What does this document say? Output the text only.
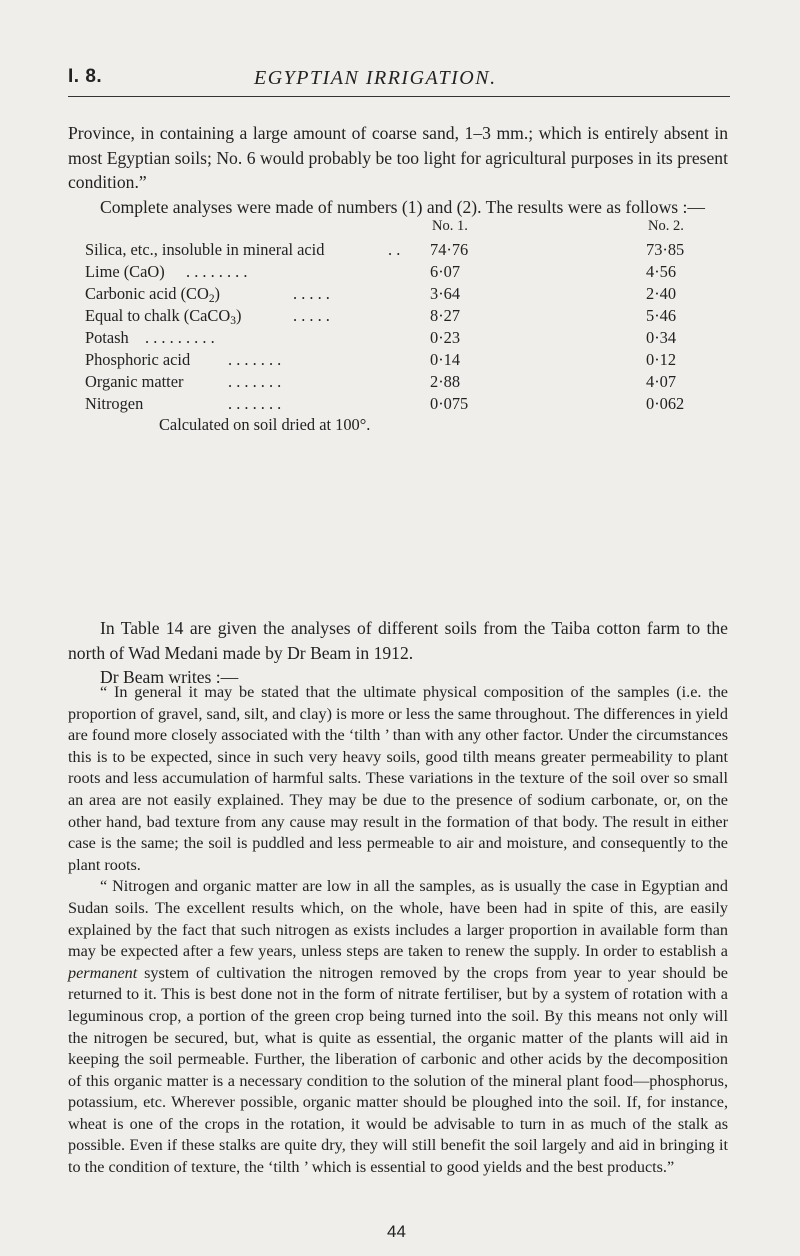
I. 8.	EGYPTIAN IRRIGATION.

Province, in containing a large amount of coarse sand, 1–3 mm.; which is entirely absent in most Egyptian soils; No. 6 would probably be too light for agricultural purposes in its present condition.”

Complete analyses were made of numbers (1) and (2). The results were as follows :—

No. 1.	No. 2.
Silica, etc., insoluble in mineral acid	. . 74·76	73·85
Lime (CaO) . . . . . . . .	6·07	4·56
Carbonic acid $(CO_2)$	. . . . .	3·64	2·40
Equal to chalk (CaCO$_3$)	. . . . .	8·27	5·46
Potash . . . . . . . . .	0·23	0·34
Phosphoric acid . . . . . . .	0·14	0·12
Organic matter	. . . . . . .	2·88	4·07
Nitrogen	. . . . . . .	0·075	0·062
Calculated on soil dried at 100°.

In Table 14 are given the analyses of different soils from the Taiba cotton farm to the north of Wad Medani made by Dr Beam in 1912.

Dr Beam writes :—

“ In general it may be stated that the ultimate physical composition of the samples (i.e. the proportion of gravel, sand, silt, and clay) is more or less the same throughout. The differences in yield are found more closely associated with the ‘tilth ’ than with any other factor. Under the circumstances this is to be expected, since in such very heavy soils, good tilth means greater permeability to plant roots and less accumulation of harmful salts. These variations in the texture of the soil over so small an area are not easily explained. They may be due to the presence of sodium carbonate, or, on the other hand, bad texture from any cause may result in the formation of that body. The result in either case is the same; the soil is puddled and less permeable to air and moisture, and consequently to the plant roots.

“ Nitrogen and organic matter are low in all the samples, as is usually the case in Egyptian and Sudan soils. The excellent results which, on the whole, have been had in spite of this, are easily explained by the fact that such nitrogen as exists includes a larger proportion in available form than may be expected after a few years, unless steps are taken to renew the supply. In order to establish a permanent system of cultivation the nitrogen removed by the crops from year to year should be returned to it. This is best done not in the form of nitrate fertiliser, but by a system of rotation with a leguminous crop, a portion of the green crop being turned into the soil. By this means not only will the nitrogen be secured, but, what is quite as essential, the organic matter of the plants will aid in keeping the soil permeable. Further, the liberation of carbonic and other acids by the decomposition of this organic matter is a necessary condition to the solution of the mineral plant food—phosphorus, potassium, etc. Wherever possible, organic matter should be ploughed into the soil. If, for instance, wheat is one of the crops in the rotation, it would be advisable to turn in as much of the stalk as possible. Even if these stalks are quite dry, they will still benefit the soil largely and aid in bringing it to the condition of texture, the ‘tilth ’ which is essential to good yields and the best products.”

44
